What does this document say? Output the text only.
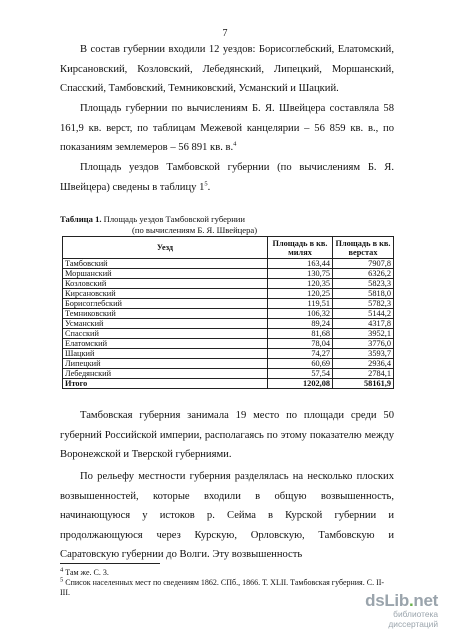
7

В состав губернии входили 12 уездов: Борисоглебский, Елатомский, Кирсановский, Козловский, Лебедянский, Липецкий, Моршанский, Спасский, Тамбовский, Темниковский, Усманский и Шацкий.

Площадь губернии по вычислениям Б. Я. Швейцера составляла 58 161,9 кв. верст, по таблицам Межевой канцелярии – 56 859 кв. в., по показаниям землемеров – 56 891 кв. в.$^4$

Площадь уездов Тамбовской губернии (по вычислениям Б. Я. Швейцера) сведены в таблицу $1^5$.

Таблица 1. Площадь уездов Тамбовской губернии
(по вычислениям Б. Я. Швейцера)
Уезд	Площадь в кв. милях	Площадь в кв. верстах
Тамбовский	163,44	7907,8
Моршанский	130,75	6326,2
Козловский	120,35	5823,3
Кирсановский	120,25	5818,0
Борисоглебский	119,51	5782,3
Темниковский	106,32	5144,2
Усманский	89,24	4317,8
Спасский	81,68	3952,1
Елатомский	78,04	3776,0
Шацкий	74,27	3593,7
Липецкий	60,69	2936,4
Лебедянский	57,54	2784,1
Итого	1202,08	58161,9
Тамбовская губерния занимала 19 место по площади среди 50 губерний Российской империи, располагаясь по этому показателю между Воронежской и Тверской губерниями.
По рельефу местности губерния разделялась на несколько плоских возвышенностей, которые входили в общую возвышенность, начинающуюся у истоков р. Сейма в Курской губернии и продолжающуюся через Курскую, Орловскую, Тамбовскую и Саратовскую губернии до Волги. Эту возвышенность

$^4$ Там же. С. 3.

$^5$ Список населенных мест по сведениям 1862. СПб., 1866. Т. XLII. Тамбовская губерния. С. II-III.	dsLib.net
библиотека диссертаций
